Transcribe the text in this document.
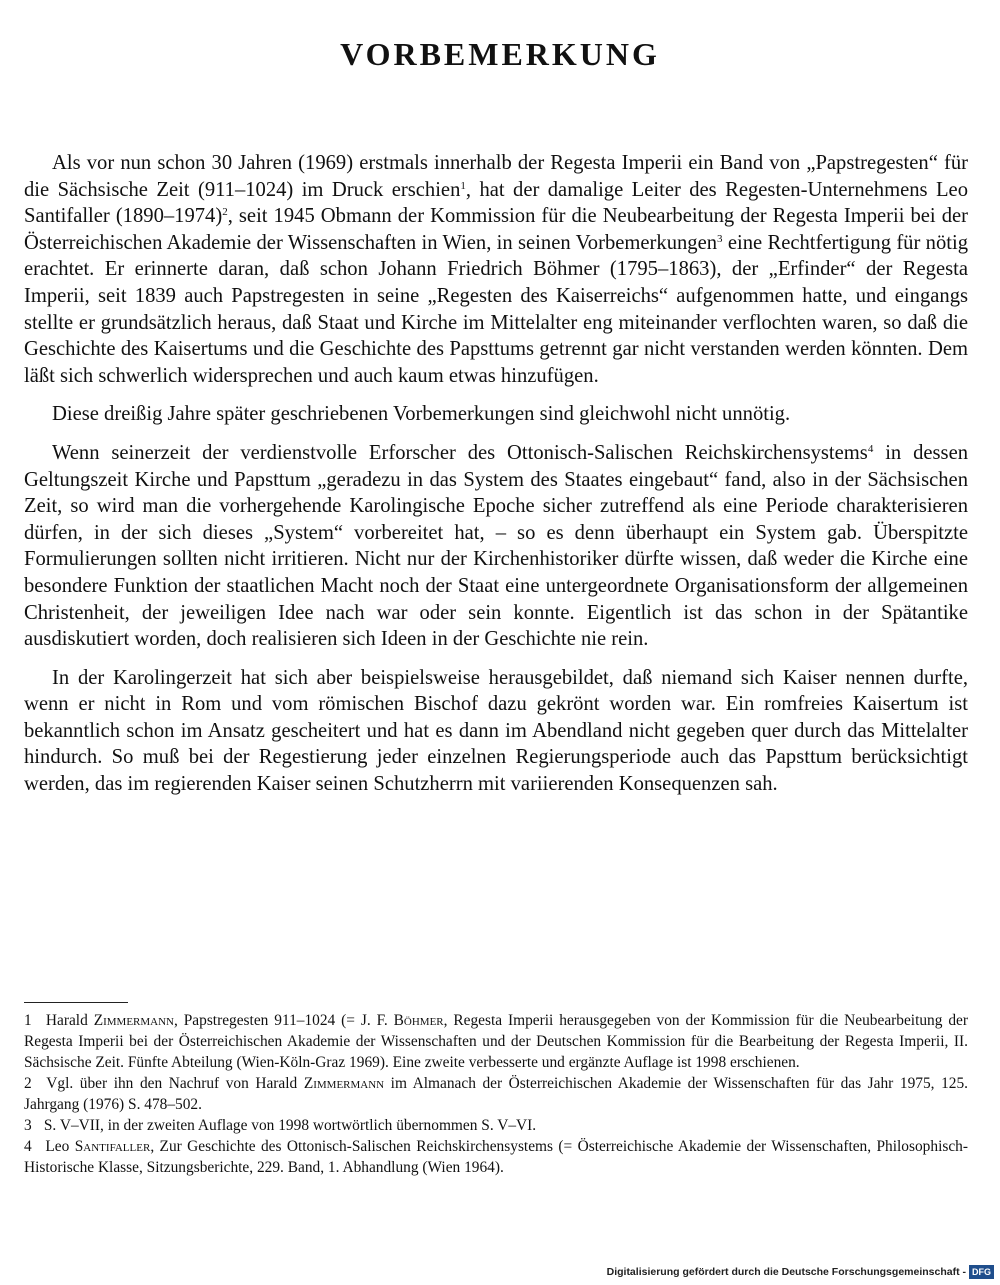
VORBEMERKUNG

Als vor nun schon 30 Jahren (1969) erstmals innerhalb der Regesta Imperii ein Band von „Papstregesten“ für die Sächsische Zeit (911–1024) im Druck erschien$^1$, hat der damalige Leiter des Regesten-Unternehmens Leo Santifaller (1890–1974)$^2$, seit 1945 Obmann der Kommission für die Neubearbeitung der Regesta Imperii bei der Österreichischen Akademie der Wissenschaften in Wien, in seinen Vorbemerkungen$^3$ eine Rechtfertigung für nötig erachtet. Er erinnerte daran, daß schon Johann Friedrich Böhmer (1795–1863), der „Erfinder“ der Regesta Imperii, seit 1839 auch Papstregesten in seine „Regesten des Kaiserreichs“ aufgenommen hatte, und eingangs stellte er grundsätzlich heraus, daß Staat und Kirche im Mittelalter eng miteinander verflochten waren, so daß die Geschichte des Kaisertums und die Geschichte des Papsttums getrennt gar nicht verstanden werden könnten. Dem läßt sich schwerlich widersprechen und auch kaum etwas hinzufügen.

Diese dreißig Jahre später geschriebenen Vorbemerkungen sind gleichwohl nicht unnötig.

Wenn seinerzeit der verdienstvolle Erforscher des Ottonisch-Salischen Reichskirchensystems$^4$ in dessen Geltungszeit Kirche und Papsttum „geradezu in das System des Staates eingebaut“ fand, also in der Sächsischen Zeit, so wird man die vorhergehende Karolingische Epoche sicher zutreffend als eine Periode charakterisieren dürfen, in der sich dieses „System“ vorbereitet hat, – so es denn überhaupt ein System gab. Überspitzte Formulierungen sollten nicht irritieren. Nicht nur der Kirchenhistoriker dürfte wissen, daß weder die Kirche eine besondere Funktion der staatlichen Macht noch der Staat eine untergeordnete Organisationsform der allgemeinen Christenheit, der jeweiligen Idee nach war oder sein konnte. Eigentlich ist das schon in der Spätantike ausdiskutiert worden, doch realisieren sich Ideen in der Geschichte nie rein.

In der Karolingerzeit hat sich aber beispielsweise herausgebildet, daß niemand sich Kaiser nennen durfte, wenn er nicht in Rom und vom römischen Bischof dazu gekrönt worden war. Ein romfreies Kaisertum ist bekanntlich schon im Ansatz gescheitert und hat es dann im Abendland nicht gegeben quer durch das Mittelalter hindurch. So muß bei der Regestierung jeder einzelnen Regierungsperiode auch das Papsttum berücksichtigt werden, das im regierenden Kaiser seinen Schutzherrn mit variierenden Konsequenzen sah.

1 Harald Zimmermann, Papstregesten 911–1024 (= J. F. Böhmer, Regesta Imperii herausgegeben von der Kommission für die Neubearbeitung der Regesta Imperii bei der Österreichischen Akademie der Wissenschaften und der Deutschen Kommission für die Bearbeitung der Regesta Imperii, II. Sächsische Zeit. Fünfte Abteilung (Wien-Köln-Graz 1969). Eine zweite verbesserte und ergänzte Auflage ist 1998 erschienen.

2 Vgl. über ihn den Nachruf von Harald Zimmermann im Almanach der Österreichischen Akademie der Wissenschaften für das Jahr 1975, 125. Jahrgang (1976) S. 478–502.

3 S. V–VII, in der zweiten Auflage von 1998 wortwörtlich übernommen S. V–VI.

4 Leo Santifaller, Zur Geschichte des Ottonisch-Salischen Reichskirchensystems (= Österreichische Akademie der Wissenschaften, Philosophisch-Historische Klasse, Sitzungsberichte, 229. Band, 1. Abhandlung (Wien 1964).

Digitalisierung gefördert durch die Deutsche Forschungsgemeinschaft - DFG
